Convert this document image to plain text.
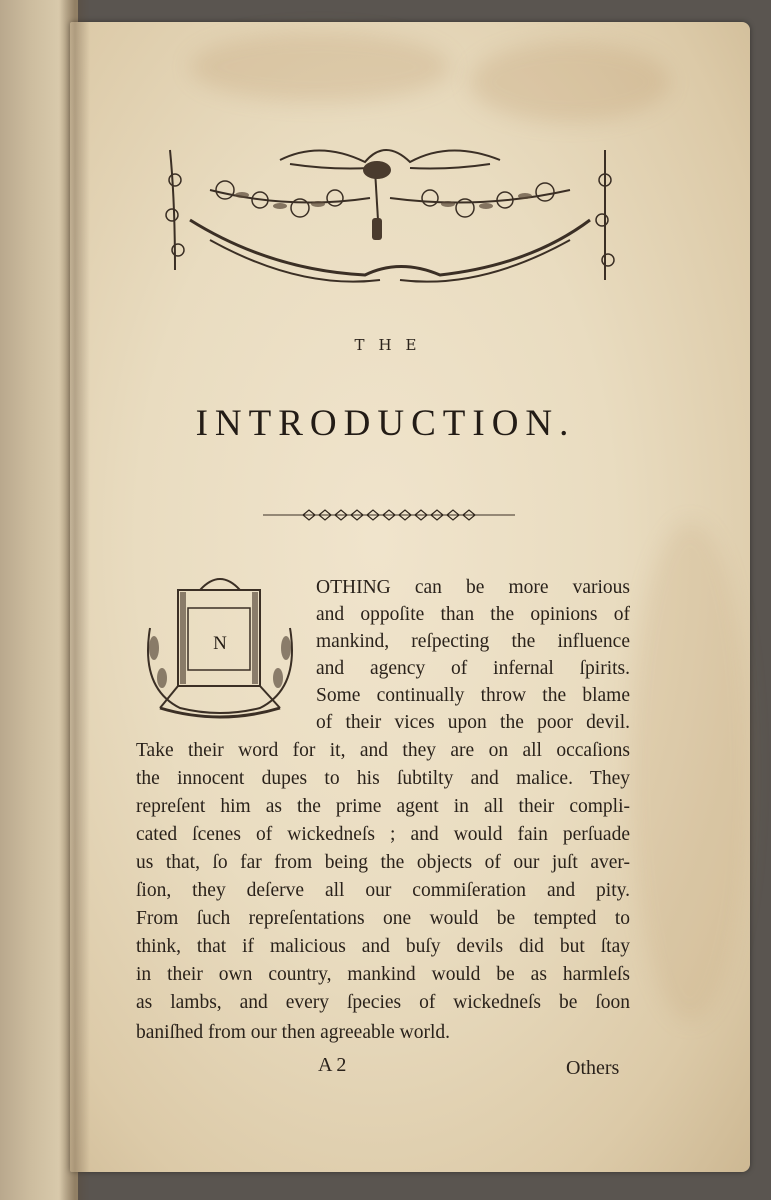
THE
INTRODUCTION.
N
OTHING can be more various
and oppoſite than the opinions of
mankind, reſpecting the influence
and agency of infernal ſpirits.
Some continually throw the blame
of their vices upon the poor devil.
Take their word for it, and they are on all occaſions
the innocent dupes to his ſubtilty and malice. They
repreſent him as the prime agent in all their compli-
cated ſcenes of wickedneſs ; and would fain perſuade
us that, ſo far from being the objects of our juſt aver-
ſion, they deſerve all our commiſeration and pity.
From ſuch repreſentations one would be tempted to
think, that if malicious and buſy devils did but ſtay
in their own country, mankind would be as harmleſs
as lambs, and every ſpecies of wickedneſs be ſoon
baniſhed from our then agreeable world.
A 2	Others
